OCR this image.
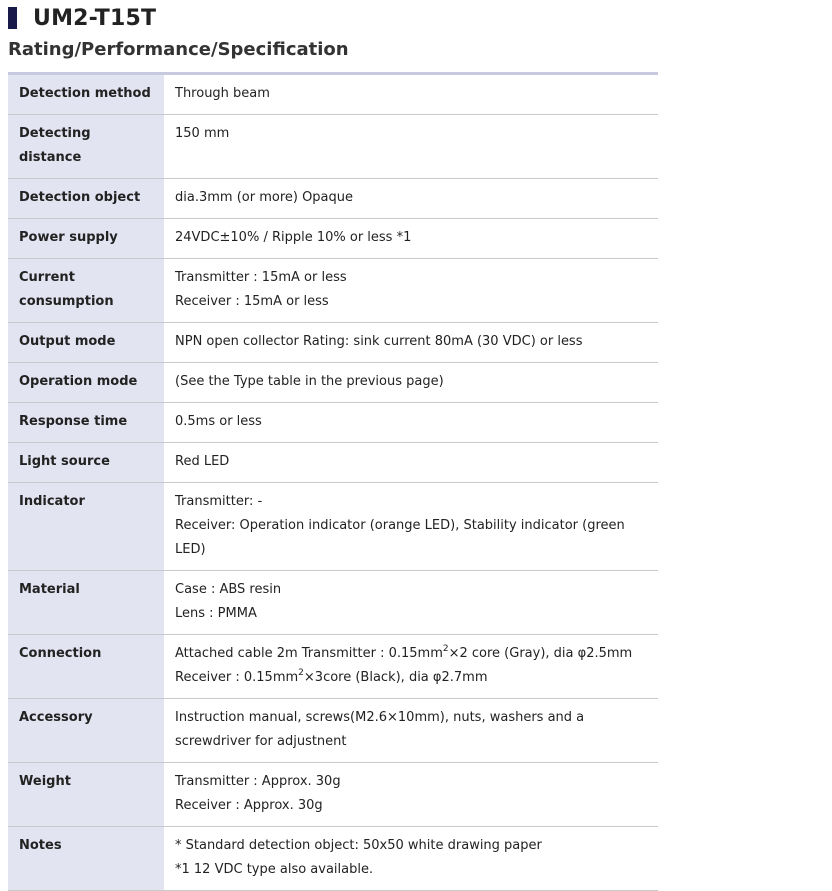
UM2-T15T
Rating/Performance/Specification
Detection method	Through beam

Detecting distance	150 mm

Detection object	dia.3mm (or more) Opaque

Power supply	24VDC±10% / Ripple 10% or less *1

Current consumption	Transmitter : 15mA or less
Receiver : 15mA or less

Output mode	NPN open collector Rating: sink current 80mA (30 VDC) or less

Operation mode	(See the Type table in the previous page)

Response time	0.5ms or less

Light source	Red LED

Indicator	Transmitter: -
Receiver: Operation indicator (orange LED), Stability indicator (green LED)

Material	Case : ABS resin
Lens : PMMA

Connection	Attached cable 2m Transmitter : $0.15mm^2\times 2$ core (Gray), dia φ2.5mm
Receiver : $0.15mm^2\times 3core$ (Black), dia φ2.7mm

Accessory	Instruction manual, screws(M2.6×10mm), nuts, washers and a screwdriver for adjustnent

Weight	Transmitter : Approx. 30g
Receiver : Approx. 30g

Notes	* Standard detection object: 50x50 white drawing paper
*1 12 VDC type also available.
